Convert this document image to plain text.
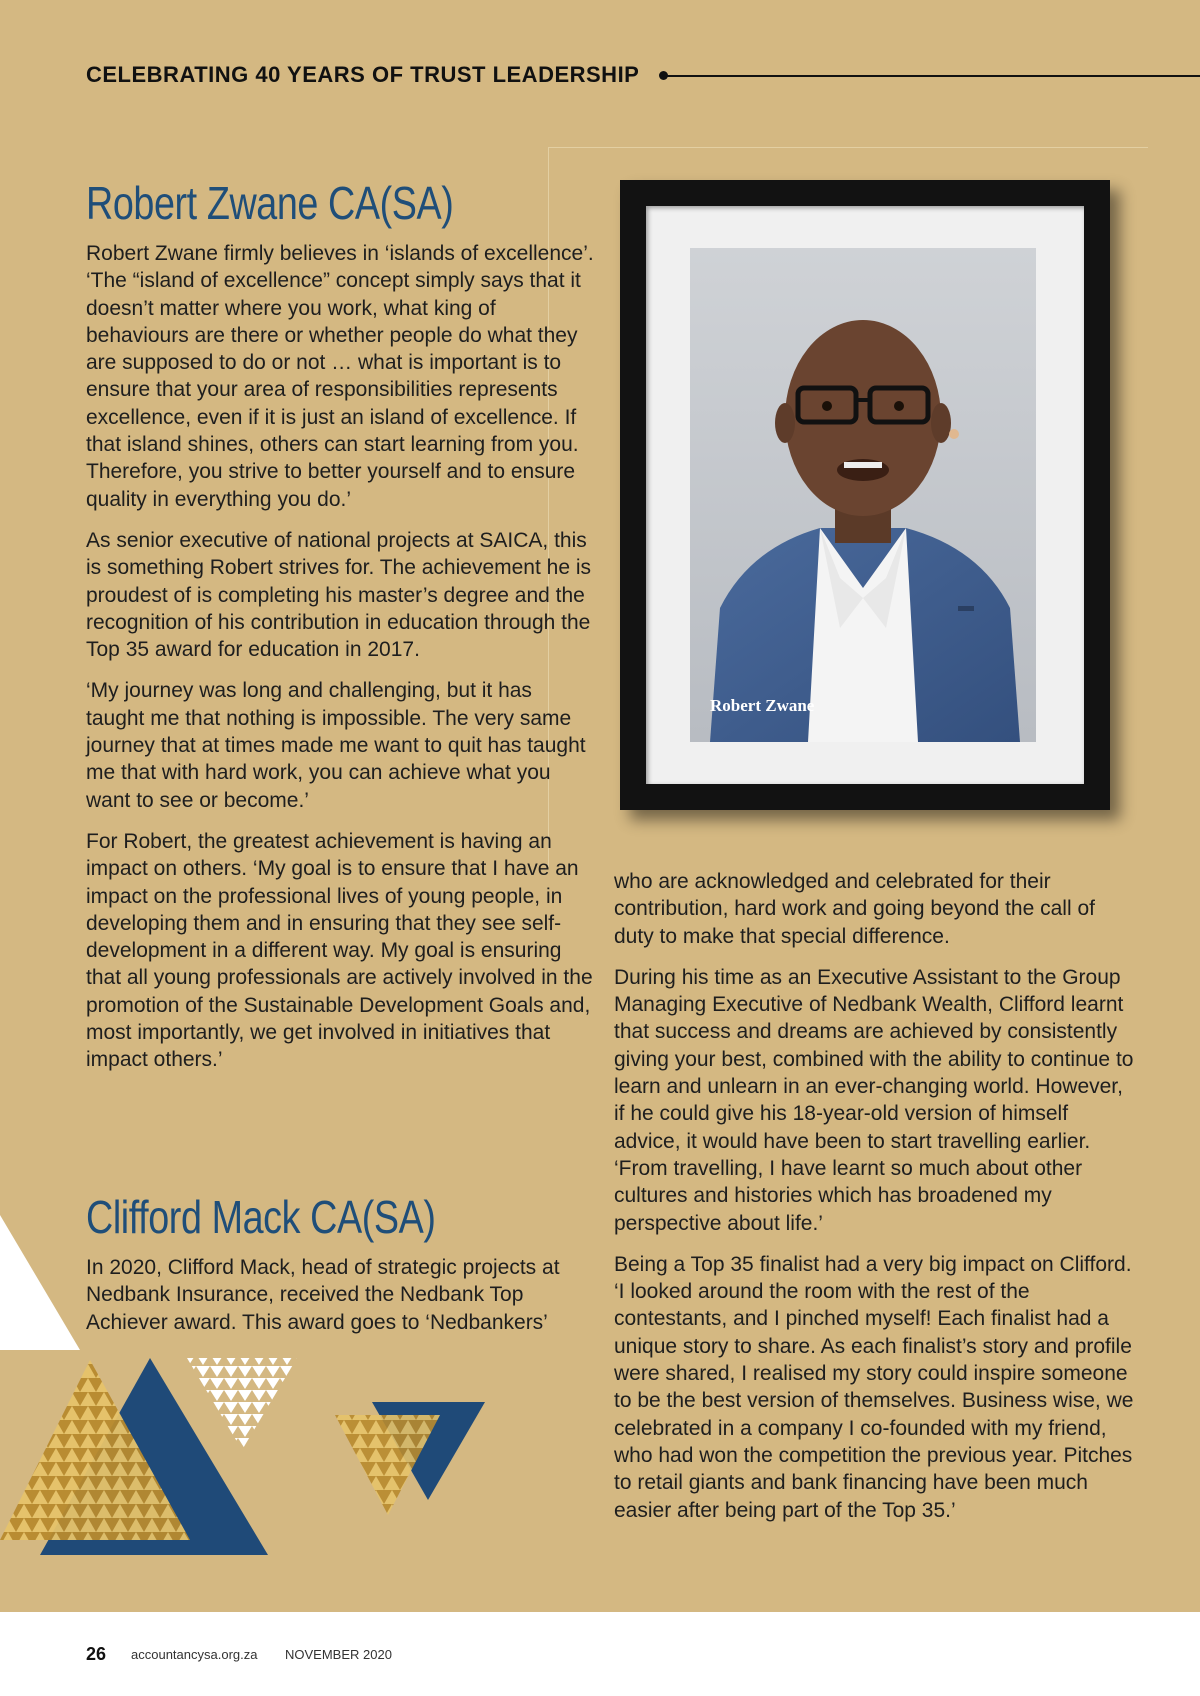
CELEBRATING 40 YEARS OF TRUST LEADERSHIP
Robert Zwane CA(SA)

Robert Zwane firmly believes in ‘islands of excellence’. ‘The “island of excellence” concept simply says that it doesn’t matter where you work, what king of behaviours are there or whether people do what they are supposed to do or not … what is important is to ensure that your area of responsibilities represents excellence, even if it is just an island of excellence. If that island shines, others can start learning from you. Therefore, you strive to better yourself and to ensure quality in everything you do.’

As senior executive of national projects at SAICA, this is something Robert strives for. The achievement he is proudest of is completing his master’s degree and the recognition of his contribution in education through the Top 35 award for education in 2017.

‘My journey was long and challenging, but it has taught me that nothing is impossible. The very same journey that at times made me want to quit has taught me that with hard work, you can achieve what you want to see or become.’

For Robert, the greatest achievement is having an impact on others. ‘My goal is to ensure that I have an impact on the professional lives of young people, in developing them and in ensuring that they see self-development in a different way. My goal is ensuring that all young professionals are actively involved in the promotion of the Sustainable Development Goals and, most importantly, we get involved in initiatives that impact others.’

Robert Zwane
Clifford Mack CA(SA)

In 2020, Clifford Mack, head of strategic projects at Nedbank Insurance, received the Nedbank Top Achiever award. This award goes to ‘Nedbankers’

who are acknowledged and celebrated for their contribution, hard work and going beyond the call of duty to make that special difference.

During his time as an Executive Assistant to the Group Managing Executive of Nedbank Wealth, Clifford learnt that success and dreams are achieved by consistently giving your best, combined with the ability to continue to learn and unlearn in an ever-changing world. However, if he could give his 18-year-old version of himself advice, it would have been to start travelling earlier. ‘From travelling, I have learnt so much about other cultures and histories which has broadened my perspective about life.’

Being a Top 35 finalist had a very big impact on Clifford. ‘I looked around the room with the rest of the contestants, and I pinched myself! Each finalist had a unique story to share. As each finalist’s story and profile were shared, I realised my story could inspire someone to be the best version of themselves. Business wise, we celebrated in a company I co-founded with my friend, who had won the competition the previous year. Pitches to retail giants and bank financing have been much easier after being part of the Top 35.’

26 accountancysa.org.za NOVEMBER 2020
